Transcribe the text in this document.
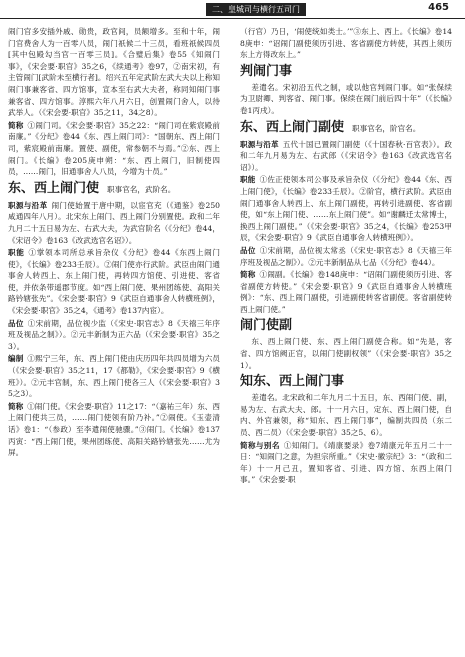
二、皇城司与横行五司门	465

闹门官多安插外戚、勋贵，政官间，员额增多。至和十年，闹门官费舍人为一百零八员，闹门祇候二十三员，看班祇候四员[其中包殿勾当官一百零三员]。《合璧后集》卷55《知闹门事》，《宋会要·职官》35之6，《续通考》卷97，②南宋初，有主管闹门[武阶未至横行者]。绍兴五年定武阶左武大夫以上称知闹门事兼客省、四方馆事，宣本至右武大夫者，称同知闹门事兼客省、四方馆事。淳熙六年八月六日，创置闹门舍人，以待武举人。（《宋会要·职官》35之11，34之8）。

简称 ①闹门司。《宋会要·职官》35之22：“闹门司在紫宸殿前南廉。”《分纪》卷44《东、西上闹门司》：“国朝东、西上闹门司，紫宸殿前南廉。置使、副使，常参朝不与焉。”②东、西上闹门。《长编》卷205庚申朔：“东、西上闹门，旧制使四员，……闹门，旧通事舍人八员，今增为十员。”

东、西上闹门使 职事官名，武阶名。

职源与沿革 闹门使始置于唐中期，以宦官充（《通鉴》卷250咸通四年八月）。北宋东上闹门、西上闹门分别置使。政和二年九月二十五日易为左、右武大夫，为武官阶名（《分纪》卷44，《宋诏令》卷163《改武选官名诏》）。

职能 ①掌领本司所总承旨杂仪《分纪》卷44《东西上闹门使》，《长编》卷233壬辰）。②闹门使亦行武阶。武臣由闹门通事舍人转西上、东上闹门使，再转四方馆使、引进使、客省使，并依条带遥郡节度。如“西上闹门使、果州团练使、高阳关路钤辖张先”。《宋会要·职官》9《武臣自通事舍人转横班例》，《宋会要·职官》35之4，《通考》卷137内宦）。

品位 ①宋前期，品位视少监（《宋史·职官志》8《天禧三年序班及视品之制》）。②元丰新制为正六品（《宋会要·职官》35之3）。

编制 ①熙宁三年，东、西上闹门使由庆历四年共四员增为六员（《宋会要·职官》35之11，17《都勒》，《宋会要·职官》9《横班》）。②元丰官制，东、西上闹门使各三人（《宋会要·职官》35之3）。

简称 ①闹门使。《宋会要·职官》11之17：“（嘉祐三年）东、西上闹门使共三员，……闹门使领有阶乃补。”②闹使。《玉壶清话》卷1：“（参政）至李遣闹使驰骤。”③闹门。《长编》卷137丙寅：“西上闹门使，果州团练使、高阳关路钤辖张先……尤为屏。

（行官）乃日，‘闹使统如类士。’”③东上、西上。《长编》卷148庚申：“诏闹门副使须历引进、客省副使方转使，其西上须历东上方得改东上。”

判闹门事

差遣名。宋初沿五代之制，或以他官判闹门事。如“张保续为卫尉卿、判客省、闹门事。保续在闹门前后四十年”（《长编》卷1丙戌）。

东、西上闹门副使 职事官名，阶官名。

职源与沿革 五代十国已置闹门副使（《十国春秋·百官表》）。政和二年九月易为左、右武郎（《宋诏令》卷163《改武选官名诏》）。

职能 ①佐正使领本司公事及承旨杂仪（《分纪》卷44《东、西上闹门使》，《长编》卷233壬辰）。②阶官，横行武阶。武臣由闹门通事舍人转西上、东上闹门副使，再转引进副使、客省副使，如“东上闹门使、……东上闹门使”。如“谢麟迁太常博士，换西上闹门副使。”（《宋会要·职官》35之4，《长编》卷253甲辰，《宋会要·职官》9《武臣自通事舍人转横班例》）。

品位 ①宋前期，品位视太常丞（《宋史·职官志》8《天禧三年序班及视品之制》）。②元丰新制品从七品（《分纪》卷44）。

简称 ①闹副。《长编》卷148庚申：“诏闹门副使须历引进、客省副使方转使。”《宋会要·职官》9《武臣自通事舍人转横班例》：“东、西上闹门副使，引进副使转客省副使。客省副使转西上闹门使。”

闹门使副

东、西上闹门使、东、西上闹门副使合称。如“先是，客省、四方馆阙正官，以闹门使副权领”（《宋会要·职官》35之1）。

知东、西上闹门事

差遣名。北宋政和二年九月二十五日，东、西闹门使、副，易为左、右武大夫、郎。十一月六日，定东、西上闹门使，自内、外官兼领，称“知东、西上闹门事”，编制共四员（东二员、西二员）（《宋会要·职官》35之5、6）。

简称与别名 ①知闹门。《靖康要录》卷7靖康元年五月二十一日：“知闹门之意，为担宗所重。”《宋史·徽宗纪》3：“（政和二年）十一月己丑，置知客省、引进、四方馆、东西上闹门事。”《宋会要·职
